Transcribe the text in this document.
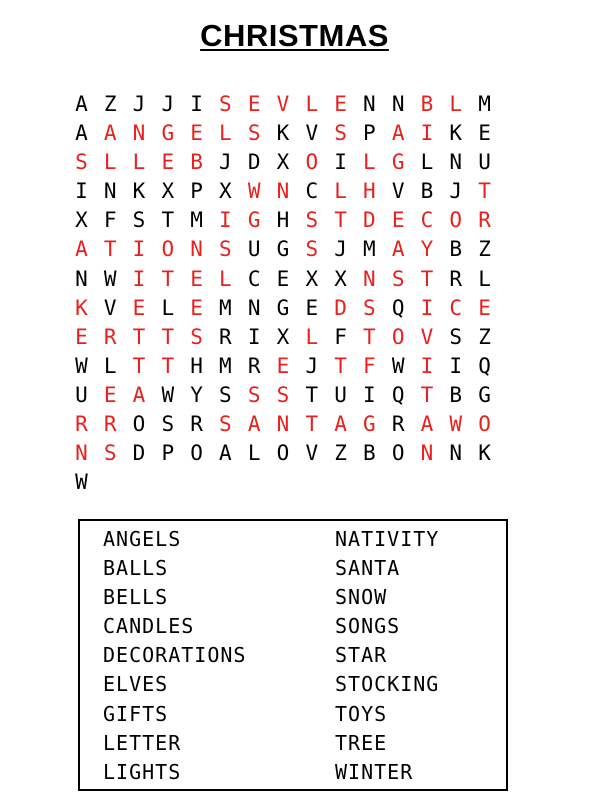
CHRISTMAS
A Z J J I S E V L E N N B L M
A A N G E L S K V S P A I K E
S L L E B J D X O I L G L N U
I N K X P X W N C L H V B J T
X F S T M I G H S T D E C O R
A T I O N S U G S J M A Y B Z
N W I T E L C E X X N S T R L
K V E L E M N G E D S Q I C E
E R T T S R I X L F T O V S Z
W L T T H M R E J T F W I I Q
U E A W Y S S S T U I Q T B G
R R O S R S A N T A G R A W O
N S D P O A L O V Z B O N N K
W
ANGELS
BALLS
BELLS
CANDLES
DECORATIONS
ELVES
GIFTS
LETTER
LIGHTS
NATIVITY
SANTA
SNOW
SONGS
STAR
STOCKING
TOYS
TREE
WINTER
